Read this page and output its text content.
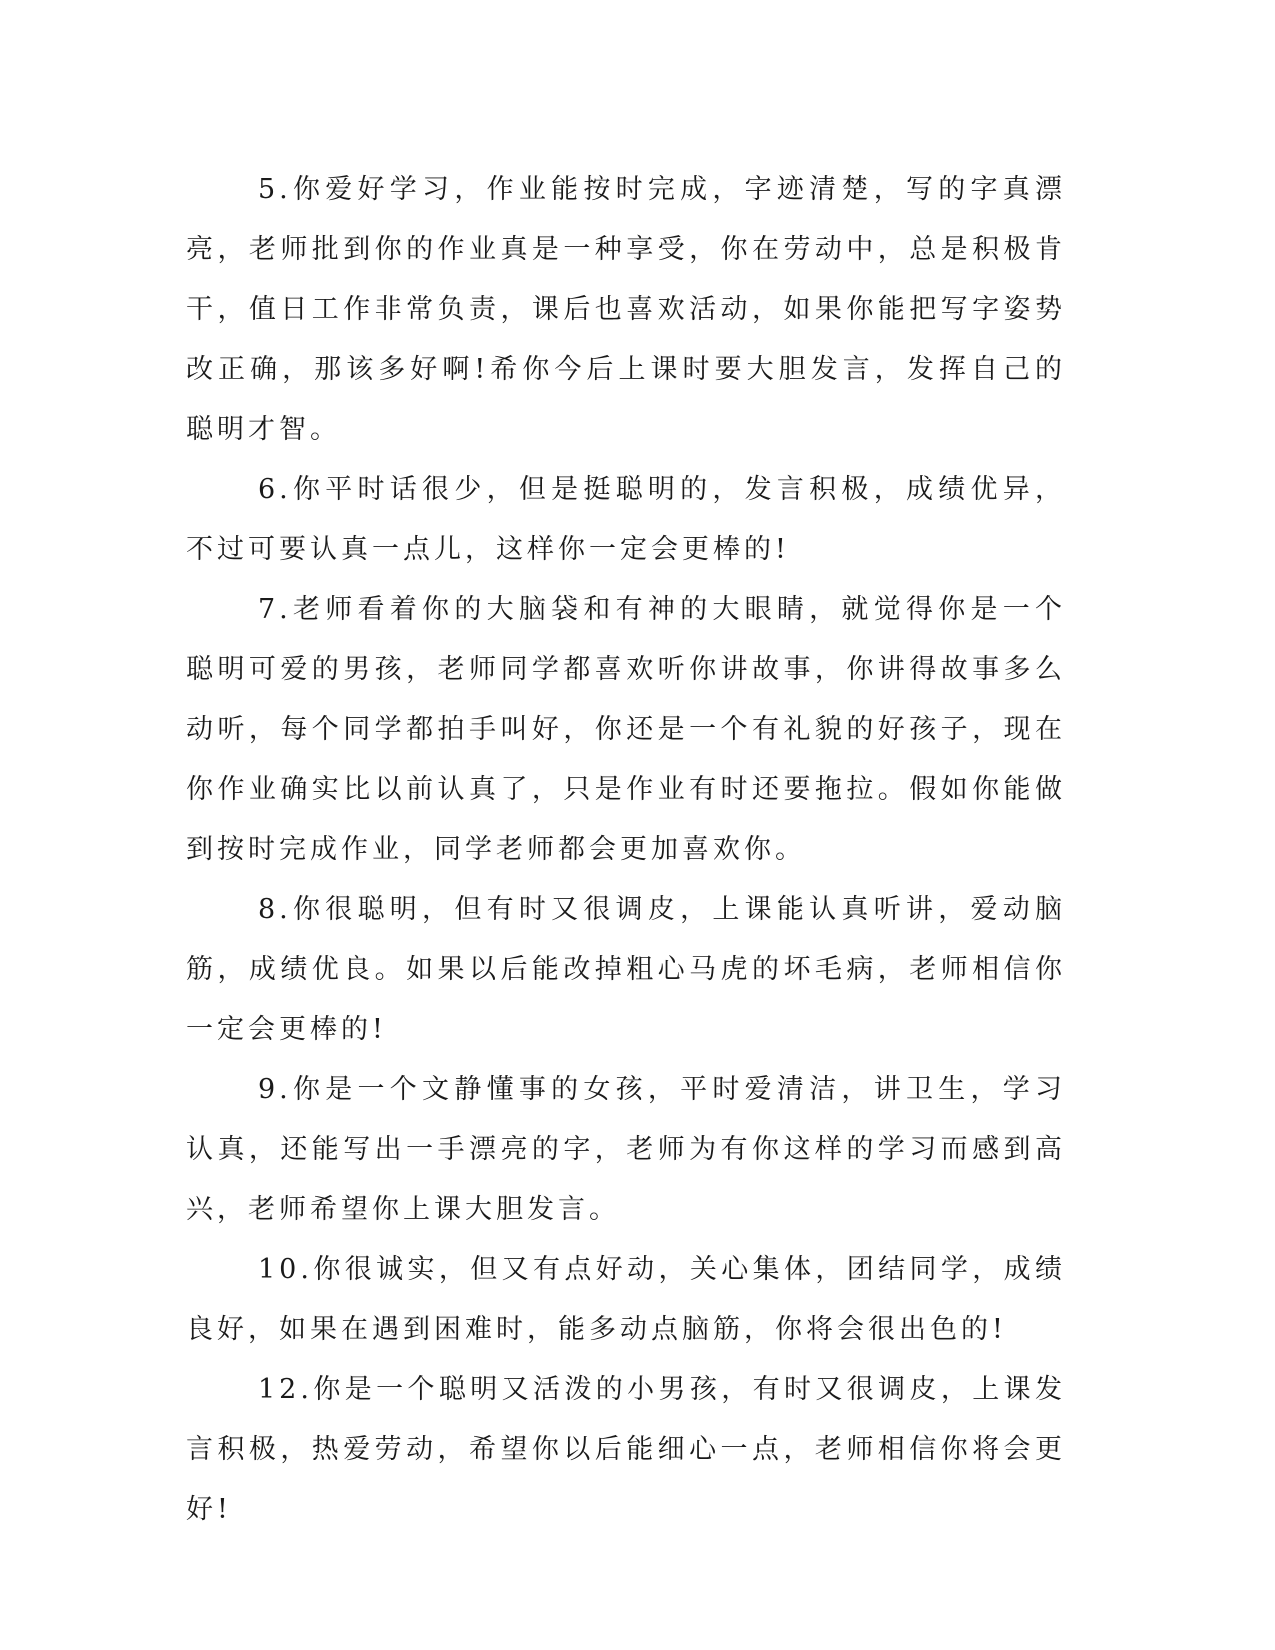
5.你爱好学习，作业能按时完成，字迹清楚，写的字真漂亮，老师批到你的作业真是一种享受，你在劳动中，总是积极肯干，值日工作非常负责，课后也喜欢活动，如果你能把写字姿势改正确，那该多好啊!希你今后上课时要大胆发言，发挥自己的聪明才智。

6.你平时话很少，但是挺聪明的，发言积极，成绩优异，不过可要认真一点儿，这样你一定会更棒的!

7.老师看着你的大脑袋和有神的大眼睛，就觉得你是一个聪明可爱的男孩，老师同学都喜欢听你讲故事，你讲得故事多么动听，每个同学都拍手叫好，你还是一个有礼貌的好孩子，现在你作业确实比以前认真了，只是作业有时还要拖拉。假如你能做到按时完成作业，同学老师都会更加喜欢你。

8.你很聪明，但有时又很调皮，上课能认真听讲，爱动脑筋，成绩优良。如果以后能改掉粗心马虎的坏毛病，老师相信你一定会更棒的!

9.你是一个文静懂事的女孩，平时爱清洁，讲卫生，学习认真，还能写出一手漂亮的字，老师为有你这样的学习而感到高兴，老师希望你上课大胆发言。

10.你很诚实，但又有点好动，关心集体，团结同学，成绩良好，如果在遇到困难时，能多动点脑筋，你将会很出色的!

12.你是一个聪明又活泼的小男孩，有时又很调皮，上课发言积极，热爱劳动，希望你以后能细心一点，老师相信你将会更好!
